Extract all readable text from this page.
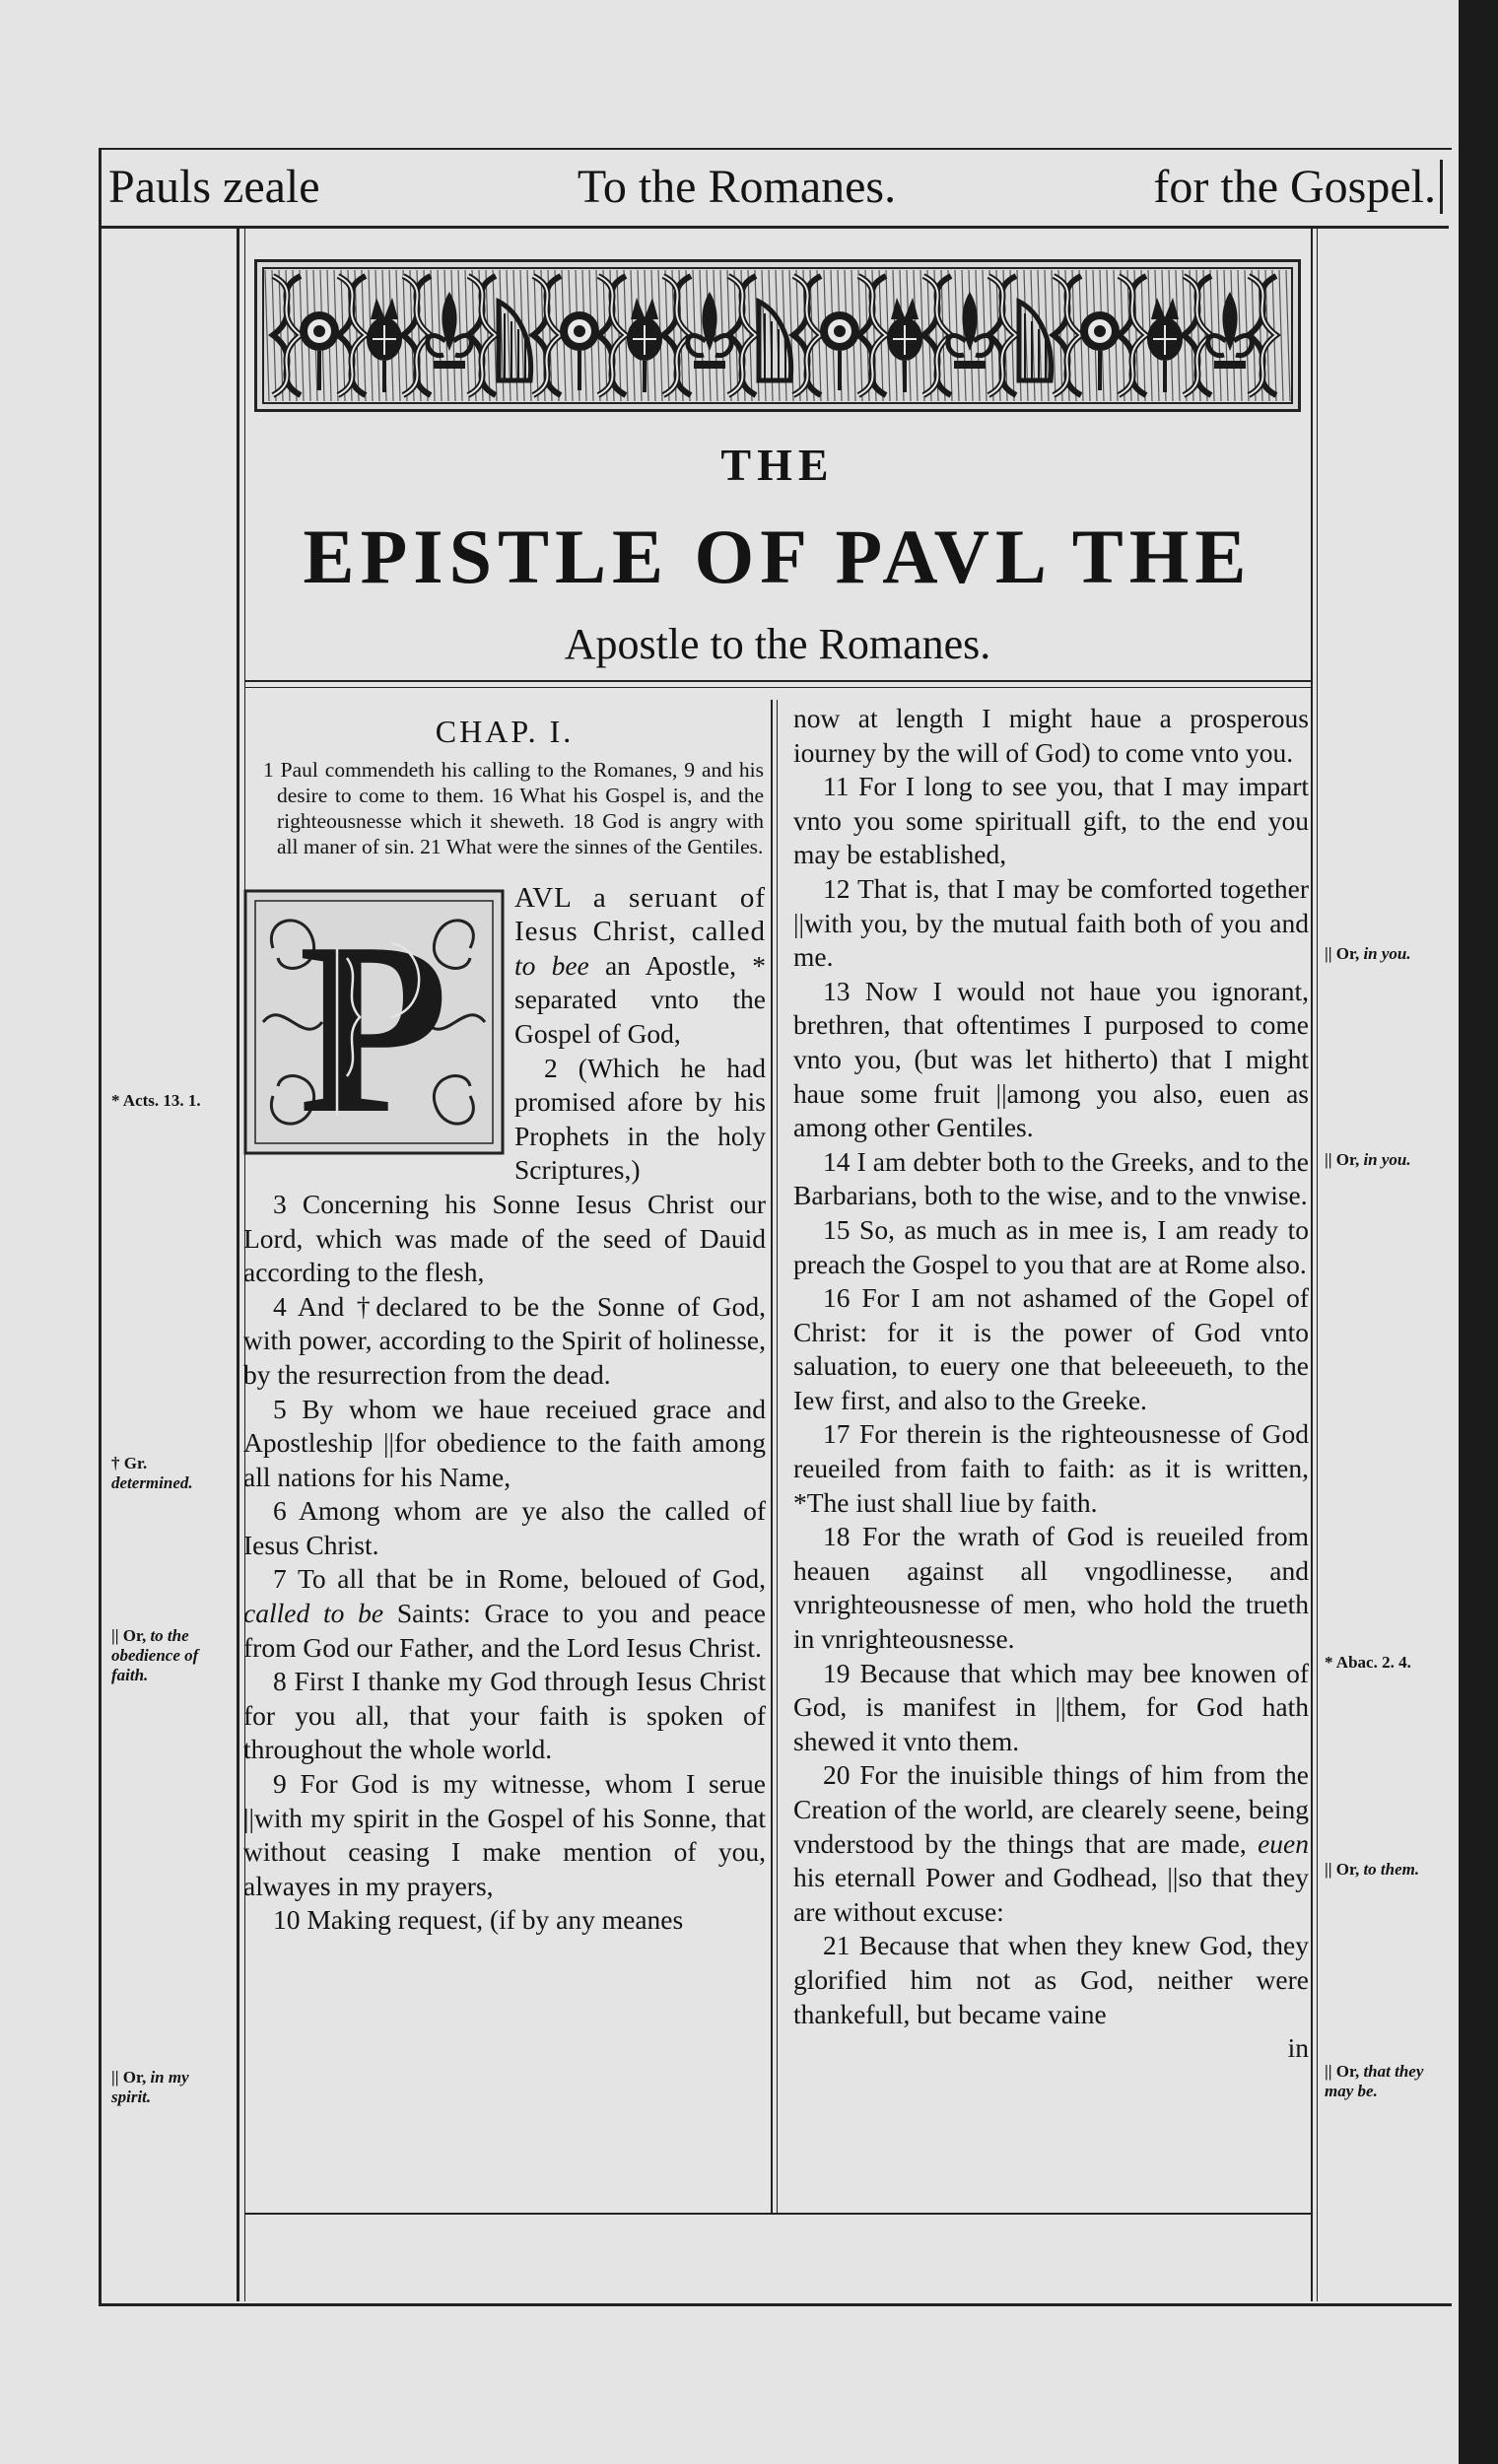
Pauls zeale	To the Romanes.	for the Gospel.
THE
EPISTLE OF PAVL THE
Apostle to the Romanes.
CHAP. I.
1 Paul commendeth his calling to the Romanes, 9 and his desire to come to them. 16 What his Gospel is, and the righteousnesse which it sheweth. 18 God is angry with all maner of sin. 21 What were the sinnes of the Gentiles.
P	AVL a seruant of Iesus Christ, called to bee an Apostle, * separated vnto the Gospel of God,

2 (Which he had promised afore by his Prophets in the holy Scriptures,)

3 Concerning his Sonne Iesus Christ our Lord, which was made of the seed of Dauid according to the flesh,

4 And †declared to be the Sonne of God, with power, according to the Spirit of holinesse, by the resurrection from the dead.

5 By whom we haue receiued grace and Apostleship ||for obedience to the faith among all nations for his Name,

6 Among whom are ye also the called of Iesus Christ.

7 To all that be in Rome, beloued of God, called to be Saints: Grace to you and peace from God our Father, and the Lord Iesus Christ.

8 First I thanke my God through Iesus Christ for you all, that your faith is spoken of throughout the whole world.

9 For God is my witnesse, whom I serue ||with my spirit in the Gospel of his Sonne, that without ceasing I make mention of you, alwayes in my prayers,

10 Making request, (if by any meanes

now at length I might haue a prosperous iourney by the will of God) to come vnto you.

11 For I long to see you, that I may impart vnto you some spirituall gift, to the end you may be established,

12 That is, that I may be comforted together ||with you, by the mutual faith both of you and me.

13 Now I would not haue you ignorant, brethren, that oftentimes I purposed to come vnto you, (but was let hitherto) that I might haue some fruit ||among you also, euen as among other Gentiles.

14 I am debter both to the Greeks, and to the Barbarians, both to the wise, and to the vnwise.

15 So, as much as in mee is, I am ready to preach the Gospel to you that are at Rome also.

16 For I am not ashamed of the Gopel of Christ: for it is the power of God vnto saluation, to euery one that beleeeueth, to the Iew first, and also to the Greeke.

17 For therein is the righteousnesse of God reueiled from faith to faith: as it is written, *The iust shall liue by faith.

18 For the wrath of God is reueiled from heauen against all vngodlinesse, and vnrighteousnesse of men, who hold the trueth in vnrighteousnesse.

19 Because that which may bee knowen of God, is manifest in ||them, for God hath shewed it vnto them.

20 For the inuisible things of him from the Creation of the world, are clearely seene, being vnderstood by the things that are made, euen his eternall Power and Godhead, ||so that they are without excuse:

21 Because that when they knew God, they glorified him not as God, neither were thankefull, but became vaine

in

* Acts. 13. 1.
† Gr. determined.
|| Or, to the obedience of faith.
|| Or, in my spirit.
|| Or, in you.
|| Or, in you.
* Abac. 2. 4.
|| Or, to them.
|| Or, that they may be.
